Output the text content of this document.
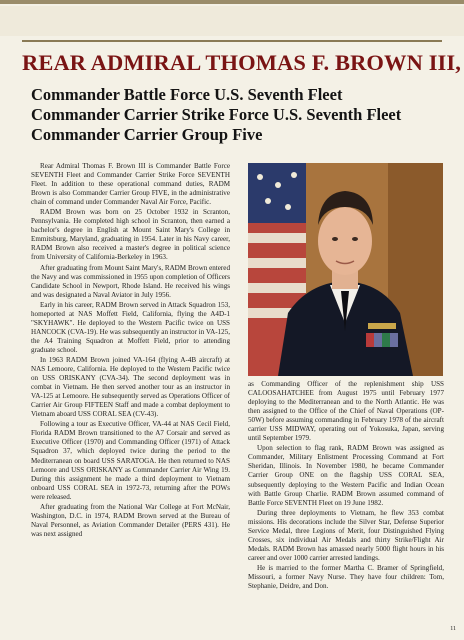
REAR ADMIRAL THOMAS F. BROWN III,
Commander Battle Force U.S. Seventh Fleet
Commander Carrier Strike Force U.S. Seventh Fleet
Commander Carrier Group Five

Rear Admiral Thomas F. Brown III is Commander Battle Force SEVENTH Fleet and Commander Carrier Strike Force SEVENTH Fleet. In addition to these operational command duties, RADM Brown is also Commander Carrier Group FIVE, in the administrative chain of command under Commander Naval Air Force, Pacific.

RADM Brown was born on 25 October 1932 in Scranton, Pennsylvania. He completed high school in Scranton, then earned a bachelor's degree in English at Mount Saint Mary's College in Emmitsburg, Maryland, graduating in 1954. Later in his Navy career, RADM Brown also received a master's degree in political science from University of California-Berkeley in 1963.

After graduating from Mount Saint Mary's, RADM Brown entered the Navy and was commissioned in 1955 upon completion of Officers Candidate School in Newport, Rhode Island. He received his wings and was designated a Naval Aviator in July 1956.

Early in his career, RADM Brown served in Attack Squadron 153, homeported at NAS Moffett Field, California, flying the A4D-1 "SKYHAWK". He deployed to the Western Pacific twice on USS HANCOCK (CVA-19). He was subsequently an instructor in VA-125, the A4 Training Squadron at Moffett Field, prior to attending graduate school.

In 1963 RADM Brown joined VA-164 (flying A-4B aircraft) at NAS Lemoore, California. He deployed to the Western Pacific twice on USS ORISKANY (CVA-34). The second deployment was in combat in Vietnam. He then served another tour as an instructor in VA-125 at Lemoore. He subsequently served as Operations Officer of Carrier Air Group FIFTEEN Staff and made a combat deployment to Vietnam aboard USS CORAL SEA (CV-43).

Following a tour as Executive Officer, VA-44 at NAS Cecil Field, Florida RADM Brown transitioned to the A7 Corsair and served as Executive Officer (1970) and Commanding Officer (1971) of Attack Squadron 37, which deployed twice during the period to the Mediterranean on board USS SARATOGA. He then returned to NAS Lemoore and USS ORISKANY as Commander Carrier Air Wing 19. During this assignment he made a third deployment to Vietnam onboard USS CORAL SEA in 1972-73, returning after the POWs were released.

After graduating from the National War College at Fort McNair, Washington, D.C. in 1974, RADM Brown served at the Bureau of Naval Personnel, as Aviation Commander Detailer (PERS 431). He was next assigned

as Commanding Officer of the replenishment ship USS CALOOSAHATCHEE from August 1975 until February 1977 deploying to the Mediterranean and to the North Atlantic. He was then assigned to the Office of the Chief of Naval Operations (OP-50W) before assuming commanding in February 1978 of the aircraft carrier USS MIDWAY, operating out of Yokosuka, Japan, serving until September 1979.

Upon selection to flag rank, RADM Brown was assigned as Commander, Military Enlistment Processing Command at Fort Sheridan, Illinois. In November 1980, he became Commander Carrier Group ONE on the flagship USS CORAL SEA, subsequently deploying to the Western Pacific and Indian Ocean with Battle Group Charlie. RADM Brown assumed command of Battle Force SEVENTH Fleet on 19 June 1982.

During three deployments to Vietnam, he flew 353 combat missions. His decorations include the Silver Star, Defense Superior Service Medal, three Legions of Merit, four Distinguished Flying Crosses, six individual Air Medals and thirty Strike/Flight Air Medals. RADM Brown has amassed nearly 5000 flight hours in his career and over 1000 carrier arrested landings.

He is married to the former Martha C. Bramer of Springfield, Missouri, a former Navy Nurse. They have four children: Tom, Stephanie, Deidre, and Don.

11
